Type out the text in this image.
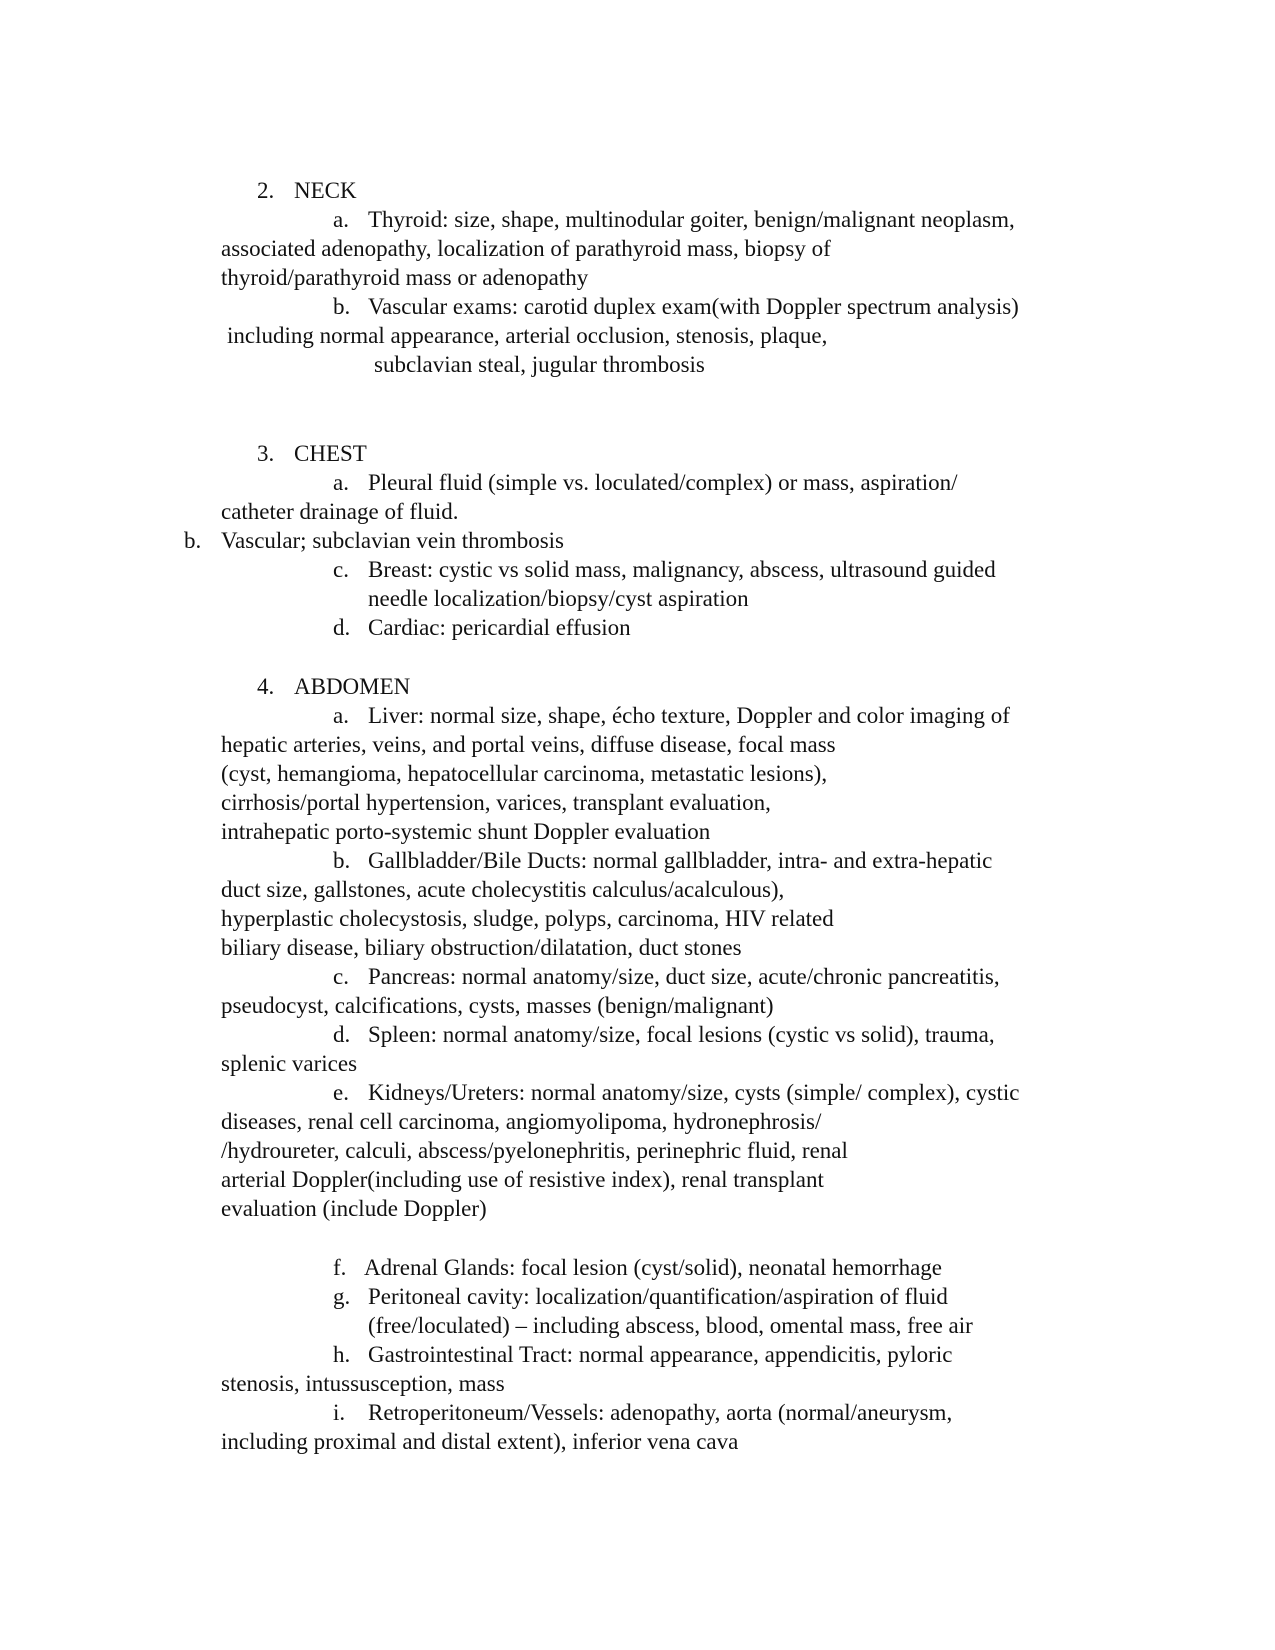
2. NECK
a. Thyroid: size, shape, multinodular goiter, benign/malignant neoplasm,
associated adenopathy, localization of parathyroid mass, biopsy of
thyroid/parathyroid mass or adenopathy
b. Vascular exams: carotid duplex exam(with Doppler spectrum analysis)
including normal appearance, arterial occlusion, stenosis, plaque,
subclavian steal, jugular thrombosis
3. CHEST
a. Pleural fluid (simple vs. loculated/complex) or mass, aspiration/
catheter drainage of fluid.
b. Vascular; subclavian vein thrombosis
c. Breast: cystic vs solid mass, malignancy, abscess, ultrasound guided
needle localization/biopsy/cyst aspiration
d. Cardiac: pericardial effusion
4. ABDOMEN
a. Liver: normal size, shape, écho texture, Doppler and color imaging of
hepatic arteries, veins, and portal veins, diffuse disease, focal mass
(cyst, hemangioma, hepatocellular carcinoma, metastatic lesions),
cirrhosis/portal hypertension, varices, transplant evaluation,
intrahepatic porto-systemic shunt Doppler evaluation
b. Gallbladder/Bile Ducts: normal gallbladder, intra- and extra-hepatic
duct size, gallstones, acute cholecystitis calculus/acalculous),
hyperplastic cholecystosis, sludge, polyps, carcinoma, HIV related
biliary disease, biliary obstruction/dilatation, duct stones
c. Pancreas: normal anatomy/size, duct size, acute/chronic pancreatitis,
pseudocyst, calcifications, cysts, masses (benign/malignant)
d. Spleen: normal anatomy/size, focal lesions (cystic vs solid), trauma,
splenic varices
e. Kidneys/Ureters: normal anatomy/size, cysts (simple/ complex), cystic
diseases, renal cell carcinoma, angiomyolipoma, hydronephrosis/
/hydroureter, calculi, abscess/pyelonephritis, perinephric fluid, renal
arterial Doppler(including use of resistive index), renal transplant
evaluation (include Doppler)
f. Adrenal Glands: focal lesion (cyst/solid), neonatal hemorrhage
g. Peritoneal cavity: localization/quantification/aspiration of fluid
(free/loculated) – including abscess, blood, omental mass, free air
h. Gastrointestinal Tract: normal appearance, appendicitis, pyloric
stenosis, intussusception, mass
i. Retroperitoneum/Vessels: adenopathy, aorta (normal/aneurysm,
including proximal and distal extent), inferior vena cava
